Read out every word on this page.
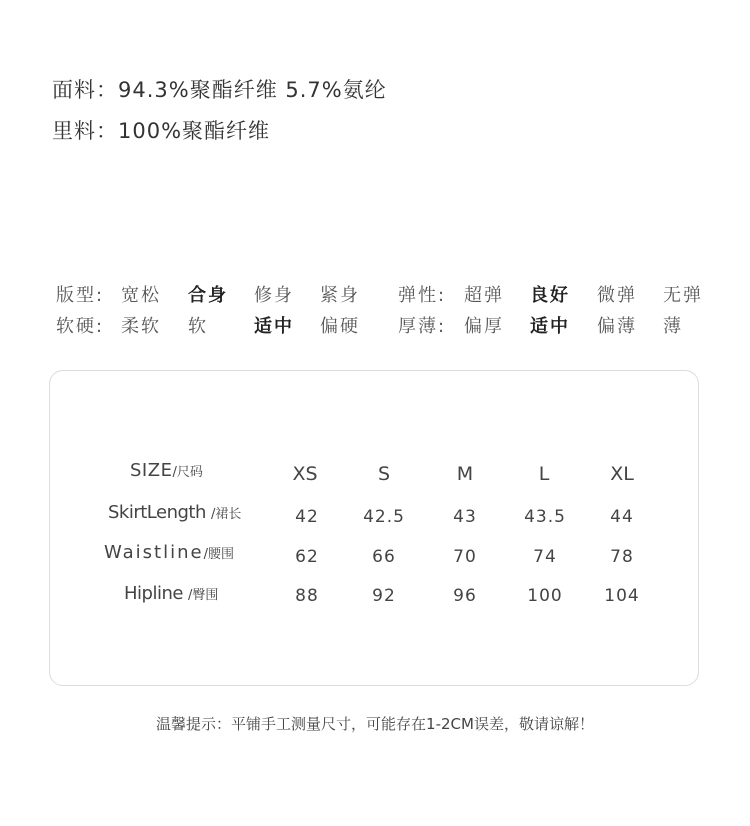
面料：94.3%聚酯纤维 5.7%氨纶
里料：100%聚酯纤维
版型: 宽松 合身 修身 紧身 弹性: 超弹 良好 微弹 无弹
软硬: 柔软 软	适中 偏硬 厚薄: 偏厚 适中 偏薄 薄
SIZE/尺码	XS	S	M	L	XL
SkirtLength /裙长	42	42.5	43	43.5	44
Waistline/腰围	62	66	70	74	78
Hipline /臀围	88	92	96	100	104
温馨提示：平铺手工测量尺寸，可能存在1-2CM误差，敬请谅解！
